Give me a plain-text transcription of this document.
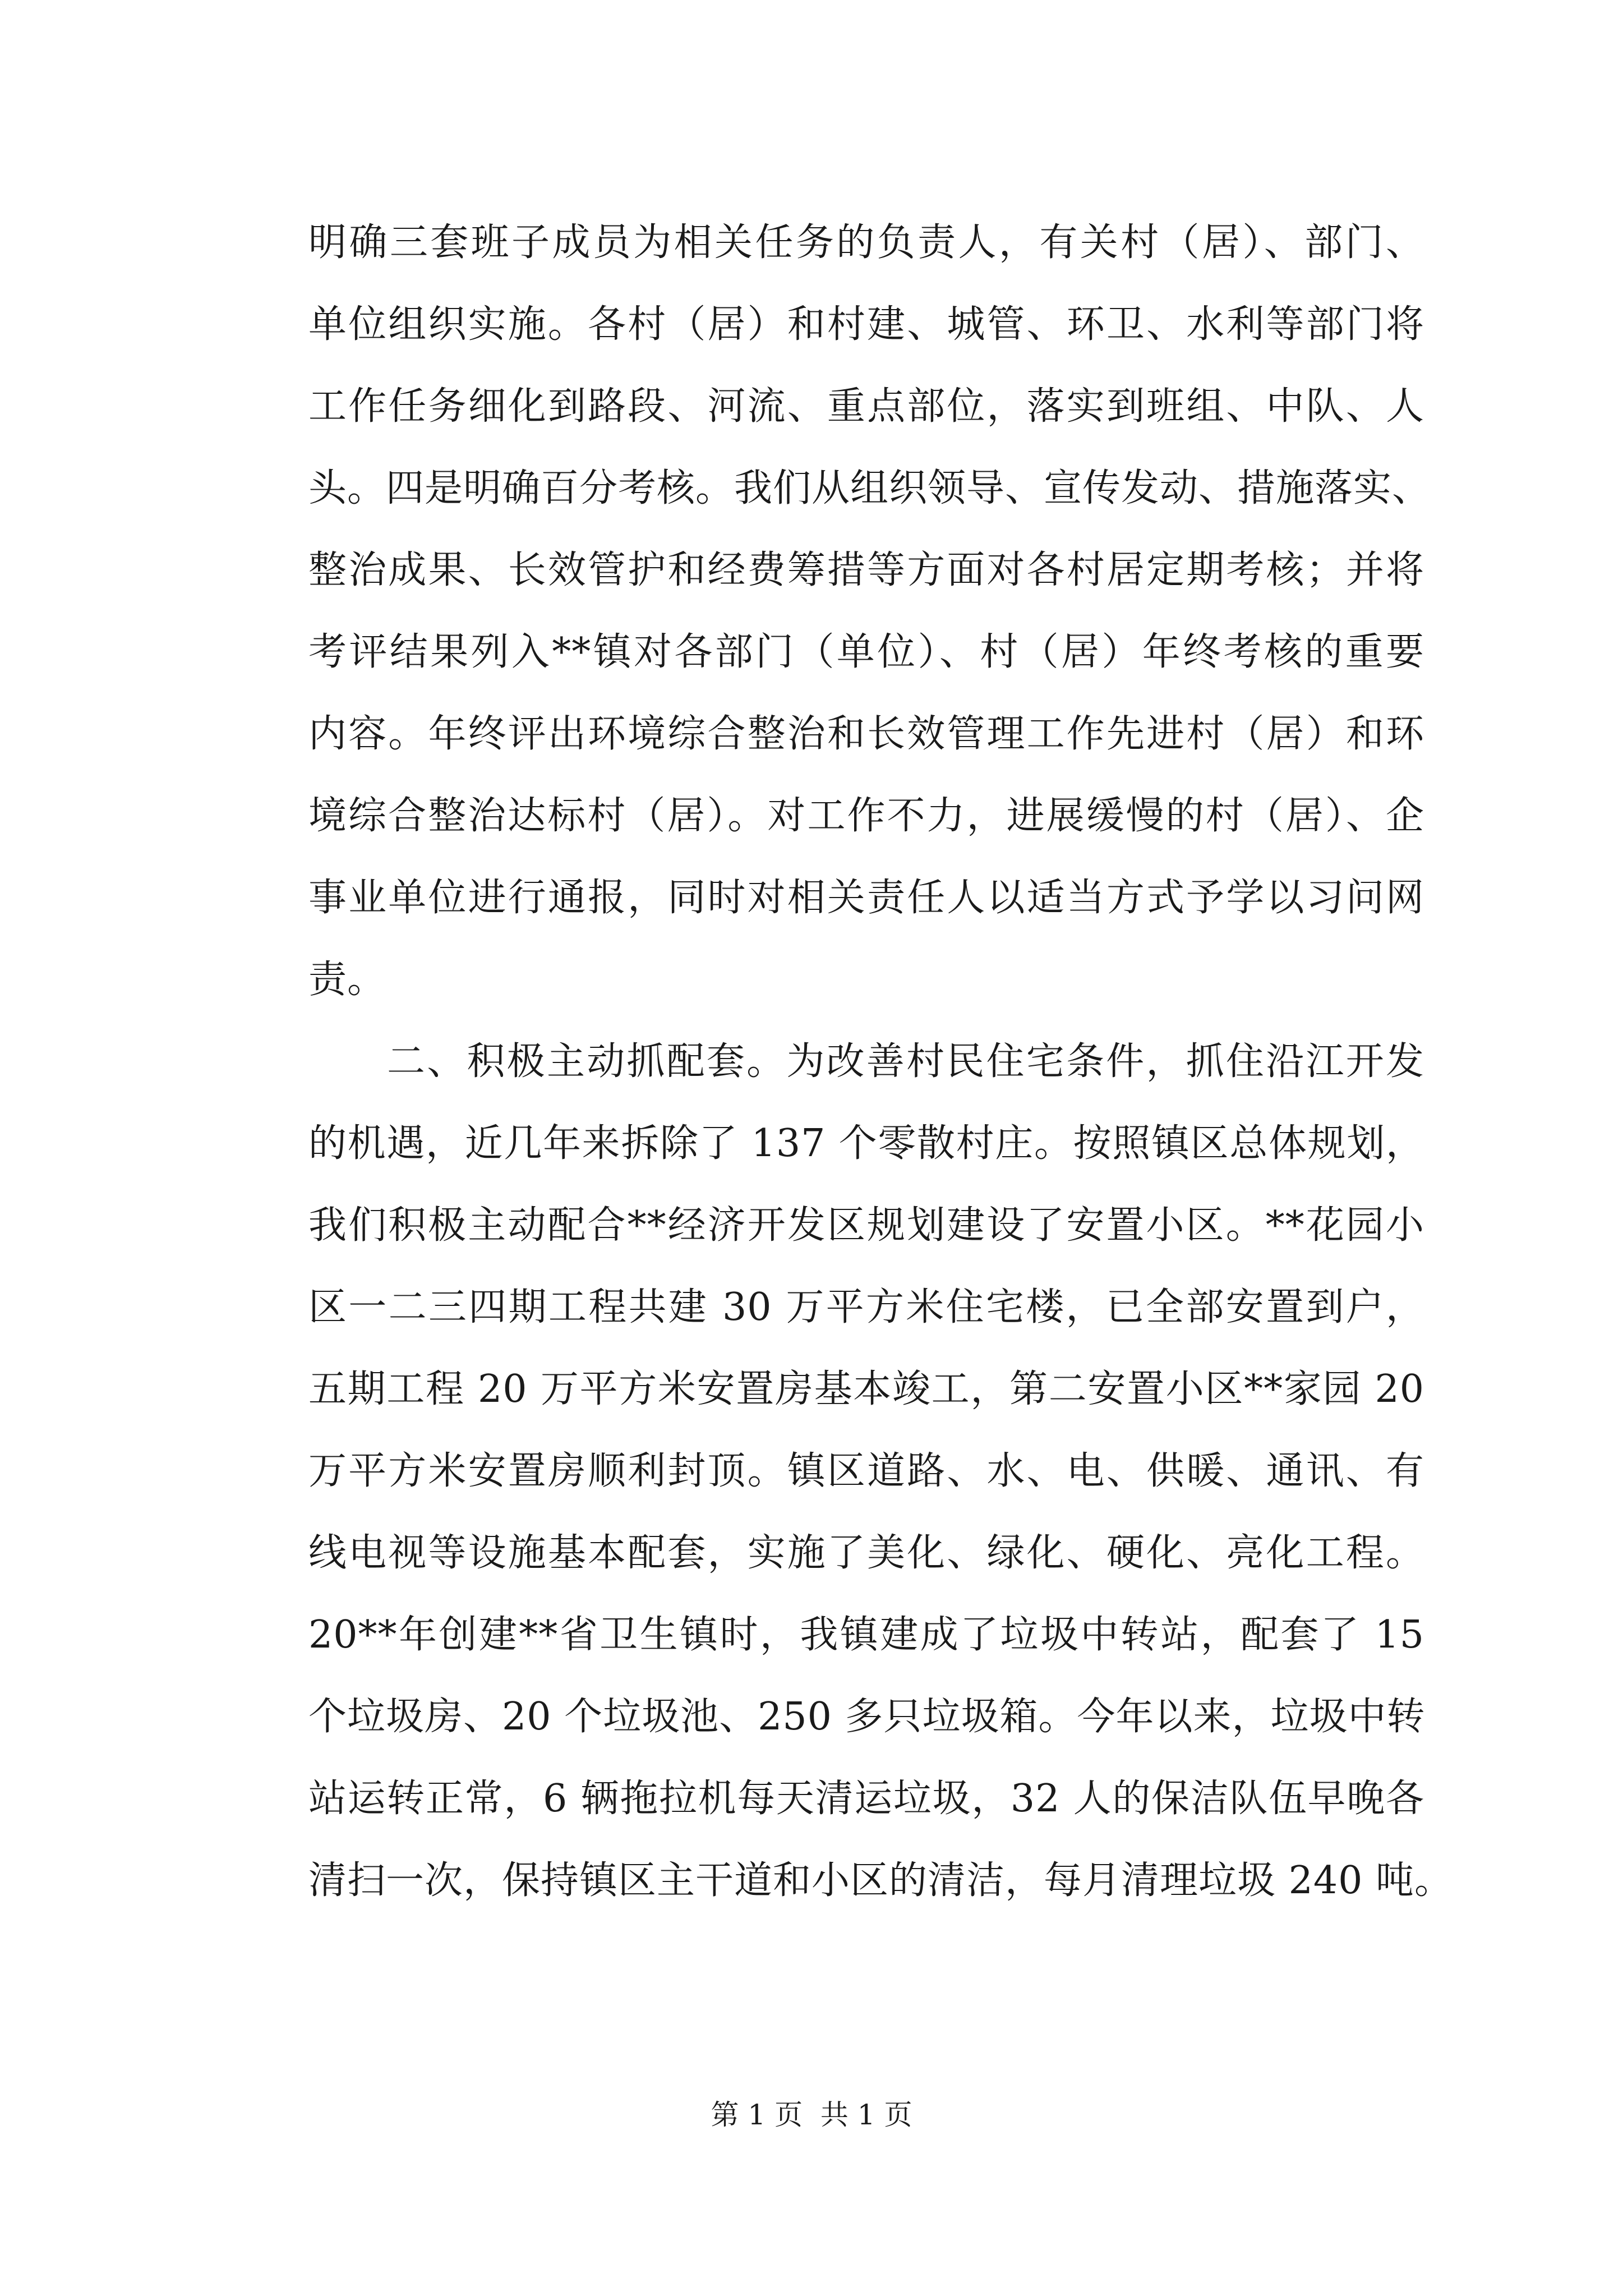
明确三套班子成员为相关任务的负责人，有关村（居）、部门、
单位组织实施。各村（居）和村建、城管、环卫、水利等部门将
工作任务细化到路段、河流、重点部位，落实到班组、中队、人
头。四是明确百分考核。我们从组织领导、宣传发动、措施落实、
整治成果、长效管护和经费筹措等方面对各村居定期考核；并将
考评结果列入**镇对各部门（单位）、村（居）年终考核的重要
内容。年终评出环境综合整治和长效管理工作先进村（居）和环
境综合整治达标村（居）。对工作不力，进展缓慢的村（居）、企
事业单位进行通报，同时对相关责任人以适当方式予学以习问网
责。
二、积极主动抓配套。为改善村民住宅条件，抓住沿江开发
的机遇，近几年来拆除了 137 个零散村庄。按照镇区总体规划，
我们积极主动配合**经济开发区规划建设了安置小区。**花园小
区一二三四期工程共建 30 万平方米住宅楼，已全部安置到户，
五期工程 20 万平方米安置房基本竣工，第二安置小区**家园 20
万平方米安置房顺利封顶。镇区道路、水、电、供暖、通讯、有
线电视等设施基本配套，实施了美化、绿化、硬化、亮化工程。
20**年创建**省卫生镇时，我镇建成了垃圾中转站，配套了 15
个垃圾房、20 个垃圾池、250 多只垃圾箱。今年以来，垃圾中转
站运转正常，6 辆拖拉机每天清运垃圾，32 人的保洁队伍早晚各
清扫一次，保持镇区主干道和小区的清洁，每月清理垃圾 240 吨。
第 1 页  共 1 页
